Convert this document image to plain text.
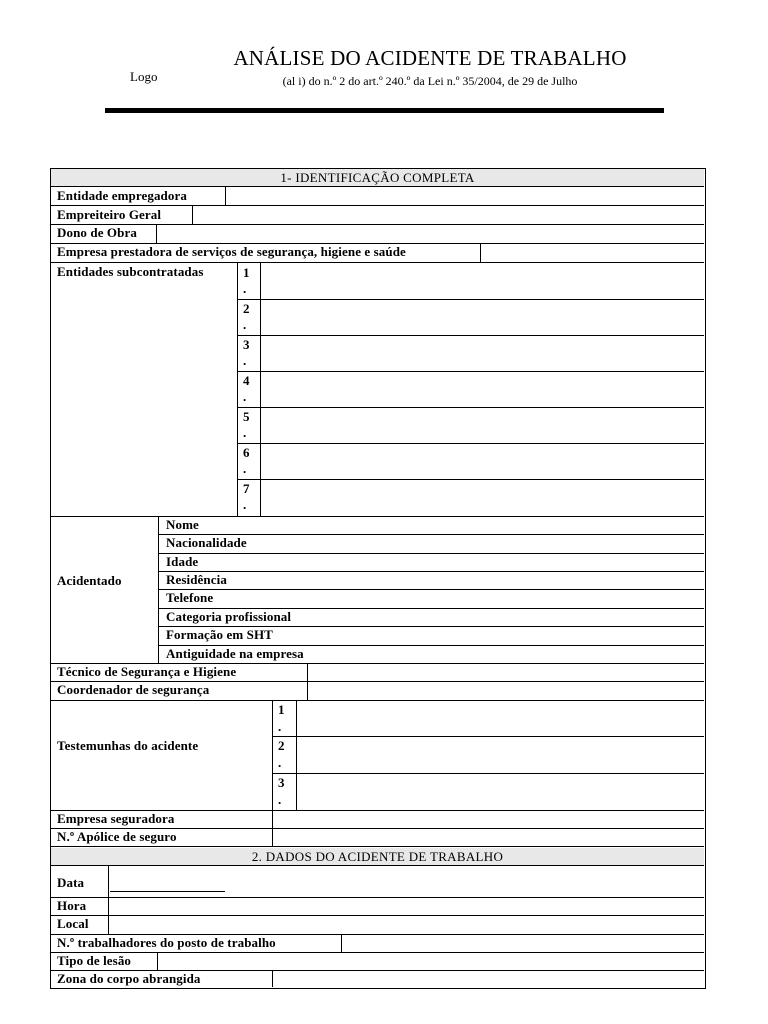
Logo
ANÁLISE DO ACIDENTE DE TRABALHO
(al i) do n.º 2 do art.º 240.º da Lei n.º 35/2004, de 29 de Julho
1- IDENTIFICAÇÃO COMPLETA
Entidade empregadora
Empreiteiro Geral
Dono de Obra
Empresa prestadora de serviços de segurança, higiene e saúde
Entidades subcontratadas	1
.
2
.
3
.
4
.
5
.
6
.
7
.
Acidentado
Nome
Nacionalidade
Idade
Residência
Telefone
Categoria profissional
Formação em SHT
Antiguidade na empresa
Técnico de Segurança e Higiene
Coordenador de segurança
Testemunhas do acidente
1
.
2
.
3
.
Empresa seguradora
N.º Apólice de seguro
2. DADOS DO ACIDENTE DE TRABALHO
Data
Hora
Local
N.º trabalhadores do posto de trabalho
Tipo de lesão
Zona do corpo abrangida
